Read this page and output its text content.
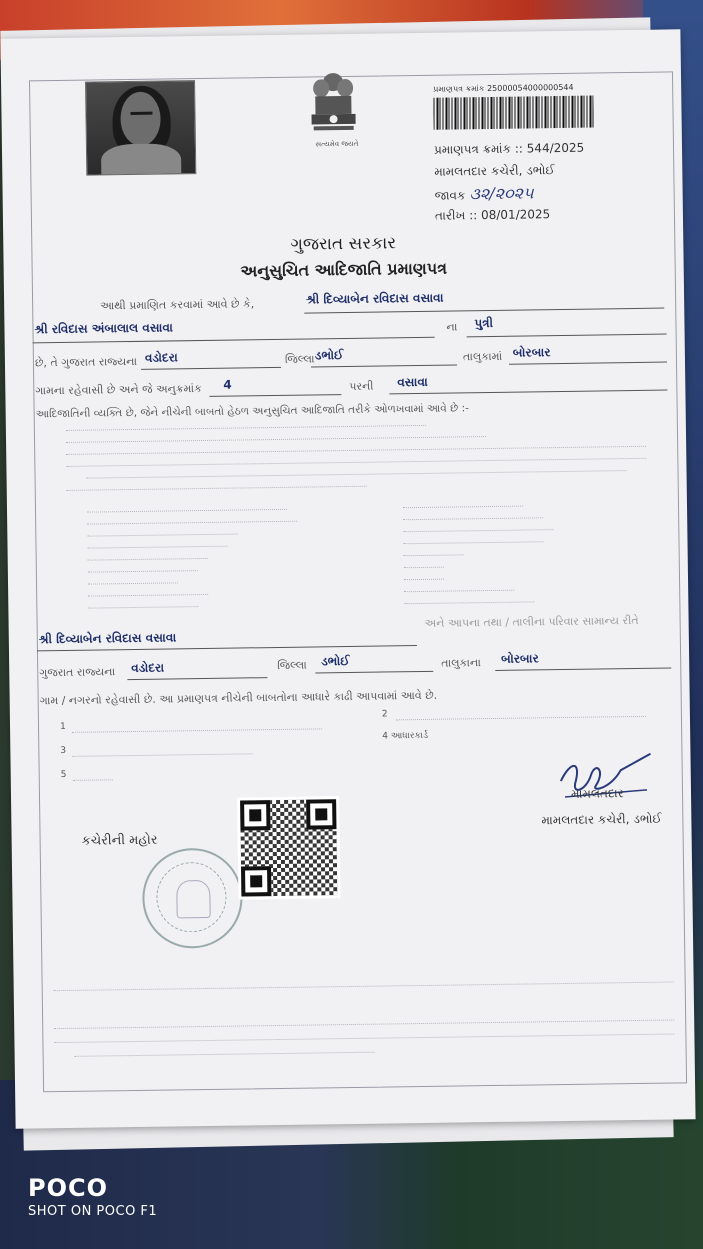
સત્યમેવ જયતે
પ્રમાણપત્ર ક્રમાંક 25000054000000544
પ્રમાણપત્ર ક્રમાંક :: 544/2025
મામલતદાર કચેરી, ડભોઈ
જાવક ૩૨/૨૦૨૫
તારીખ :: 08/01/2025
ગુજરાત સરકાર
અનુસુચિત આદિજાતિ પ્રમાણપત્ર
આથી પ્રમાણિત કરવામાં આવે છે કે,	શ્રી દિવ્યાબેન રવિદાસ વસાવા
શ્રી રવિદાસ અંબાલાલ વસાવા	ના પુત્રી
છે, તે ગુજરાત રાજ્યના વડોદરા	જિલ્લા ડભોઈ	તાલુકામાં બોરબાર
ગામના રહેવાસી છે અને જે અનુક્રમાંક 4	પરની વસાવા
આદિજાતિની વ્યક્તિ છે, જેને નીચેની બાબતો હેઠળ અનુસુચિત આદિજાતિ તરીકે ઓળખવામાં આવે છે :-
શ્રી દિવ્યાબેન રવિદાસ વસાવા
અને આપના તથા / તાલીના પરિવાર સામાન્ય રીતે
ગુજરાત રાજ્યના વડોદરા	જિલ્લા ડભોઈ	તાલુકાના બોરબાર
ગામ / નગરનો રહેવાસી છે. આ પ્રમાણપત્ર નીચેની બાબતોના આધારે કાઢી આપવામાં આવે છે.
1
2
3
4 આધારકાર્ડ
5
મામલતદાર
મામલતદાર કચેરી, ડભોઈ
કચેરીની મહોર
POCO
SHOT ON POCO F1
